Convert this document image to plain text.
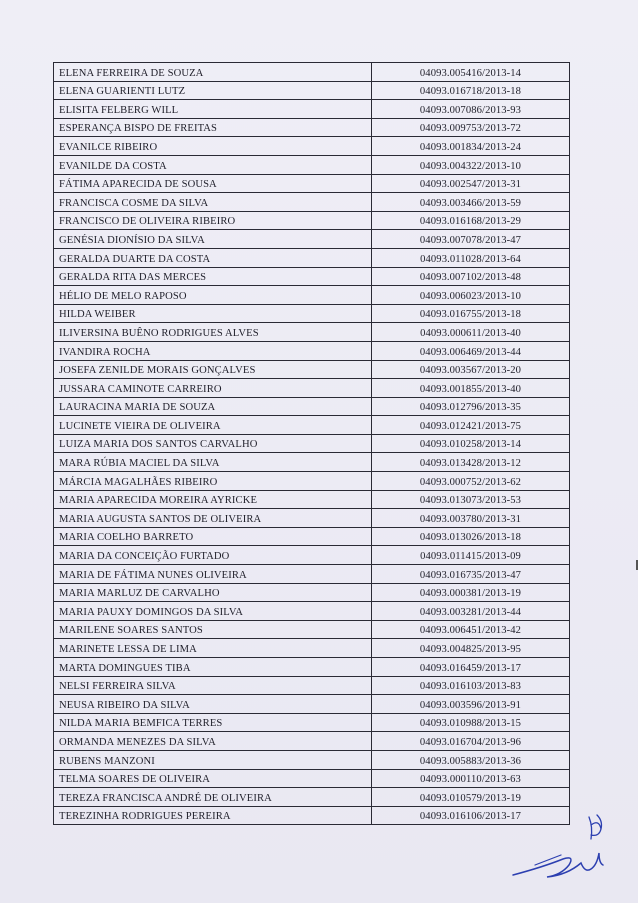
ELENA FERREIRA DE SOUZA	04093.005416/2013-14
ELENA GUARIENTI LUTZ	04093.016718/2013-18
ELISITA FELBERG WILL	04093.007086/2013-93
ESPERANÇA BISPO DE FREITAS	04093.009753/2013-72
EVANILCE RIBEIRO	04093.001834/2013-24
EVANILDE DA COSTA	04093.004322/2013-10
FÁTIMA APARECIDA DE SOUSA	04093.002547/2013-31
FRANCISCA COSME DA SILVA	04093.003466/2013-59
FRANCISCO DE OLIVEIRA RIBEIRO	04093.016168/2013-29
GENÉSIA DIONÍSIO DA SILVA	04093.007078/2013-47
GERALDA DUARTE DA COSTA	04093.011028/2013-64
GERALDA RITA DAS MERCES	04093.007102/2013-48
HÉLIO DE MELO RAPOSO	04093.006023/2013-10
HILDA WEIBER	04093.016755/2013-18
ILIVERSINA BUÊNO RODRIGUES ALVES	04093.000611/2013-40
IVANDIRA ROCHA	04093.006469/2013-44
JOSEFA ZENILDE MORAIS GONÇALVES	04093.003567/2013-20
JUSSARA CAMINOTE CARREIRO	04093.001855/2013-40
LAURACINA MARIA DE SOUZA	04093.012796/2013-35
LUCINETE VIEIRA DE OLIVEIRA	04093.012421/2013-75
LUIZA MARIA DOS SANTOS CARVALHO	04093.010258/2013-14
MARA RÚBIA MACIEL DA SILVA	04093.013428/2013-12
MÁRCIA MAGALHÃES RIBEIRO	04093.000752/2013-62
MARIA APARECIDA MOREIRA AYRICKE	04093.013073/2013-53
MARIA AUGUSTA SANTOS DE OLIVEIRA	04093.003780/2013-31
MARIA COELHO BARRETO	04093.013026/2013-18
MARIA DA CONCEIÇÃO FURTADO	04093.011415/2013-09
MARIA DE FÁTIMA NUNES OLIVEIRA	04093.016735/2013-47
MARIA MARLUZ DE CARVALHO	04093.000381/2013-19
MARIA PAUXY DOMINGOS DA SILVA	04093.003281/2013-44
MARILENE SOARES SANTOS	04093.006451/2013-42
MARINETE LESSA DE LIMA	04093.004825/2013-95
MARTA DOMINGUES TIBA	04093.016459/2013-17
NELSI FERREIRA SILVA	04093.016103/2013-83
NEUSA RIBEIRO DA SILVA	04093.003596/2013-91
NILDA MARIA BEMFICA TERRES	04093.010988/2013-15
ORMANDA MENEZES DA SILVA	04093.016704/2013-96
RUBENS MANZONI	04093.005883/2013-36
TELMA SOARES DE OLIVEIRA	04093.000110/2013-63
TEREZA FRANCISCA ANDRÉ DE OLIVEIRA	04093.010579/2013-19
TEREZINHA RODRIGUES PEREIRA	04093.016106/2013-17
